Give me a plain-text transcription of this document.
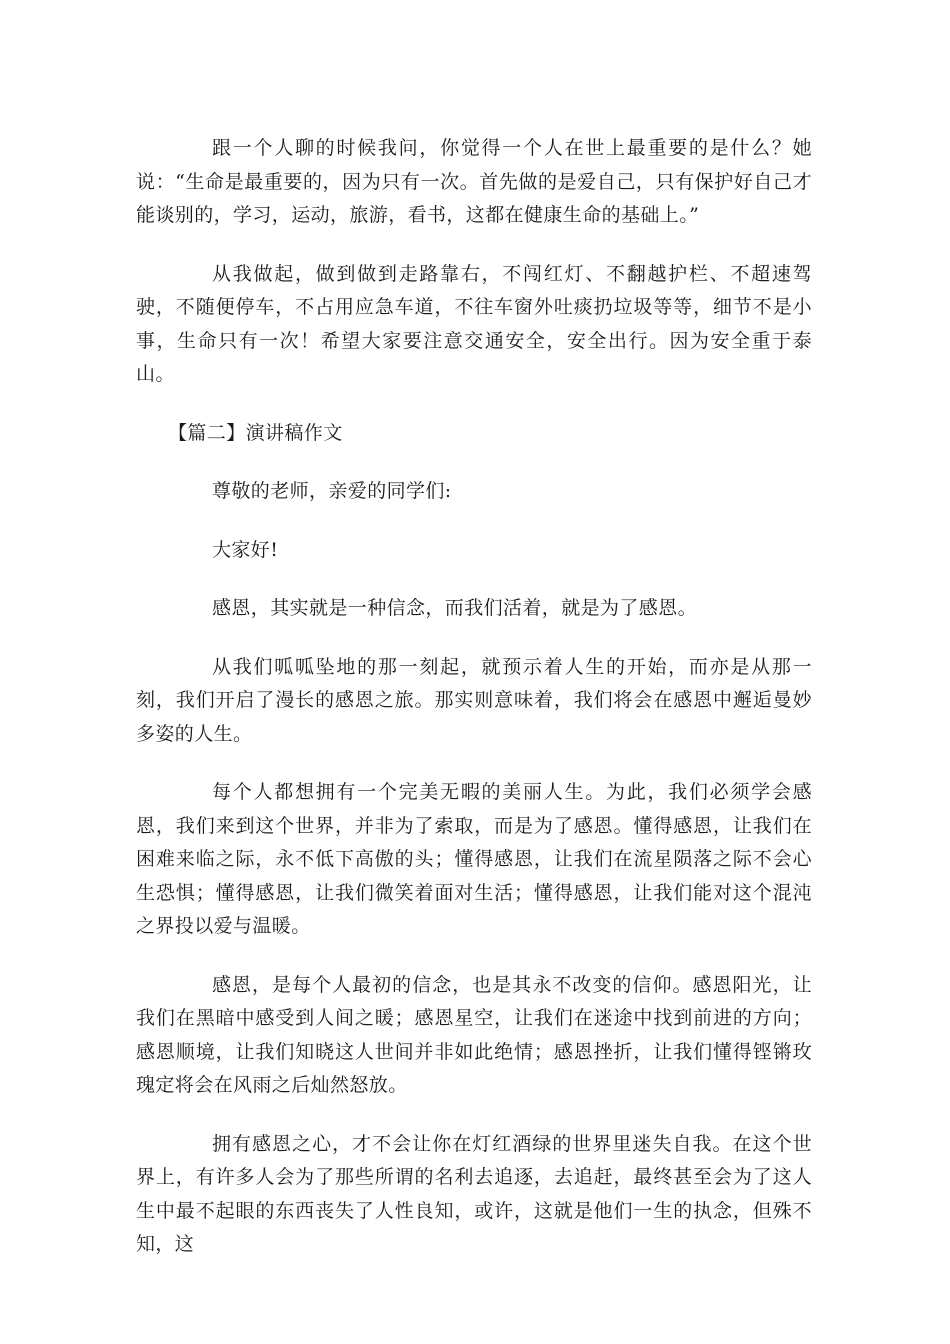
跟一个人聊的时候我问，你觉得一个人在世上最重要的是什么？她说：“生命是最重要的，因为只有一次。首先做的是爱自己，只有保护好自己才能谈别的，学习，运动，旅游，看书，这都在健康生命的基础上。”

从我做起，做到做到走路靠右，不闯红灯、不翻越护栏、不超速驾驶，不随便停车，不占用应急车道，不往车窗外吐痰扔垃圾等等，细节不是小事，生命只有一次！希望大家要注意交通安全，安全出行。因为安全重于泰山。

【篇二】演讲稿作文

尊敬的老师，亲爱的同学们:

大家好!

感恩，其实就是一种信念，而我们活着，就是为了感恩。

从我们呱呱坠地的那一刻起，就预示着人生的开始，而亦是从那一刻，我们开启了漫长的感恩之旅。那实则意味着，我们将会在感恩中邂逅曼妙多姿的人生。

每个人都想拥有一个完美无暇的美丽人生。为此，我们必须学会感恩，我们来到这个世界，并非为了索取，而是为了感恩。懂得感恩，让我们在困难来临之际，永不低下高傲的头；懂得感恩，让我们在流星陨落之际不会心生恐惧；懂得感恩，让我们微笑着面对生活；懂得感恩，让我们能对这个混沌之界投以爱与温暖。

感恩，是每个人最初的信念，也是其永不改变的信仰。感恩阳光，让我们在黑暗中感受到人间之暖；感恩星空，让我们在迷途中找到前进的方向；感恩顺境，让我们知晓这人世间并非如此绝情；感恩挫折，让我们懂得铿锵玫瑰定将会在风雨之后灿然怒放。

拥有感恩之心，才不会让你在灯红酒绿的世界里迷失自我。在这个世界上，有许多人会为了那些所谓的名利去追逐，去追赶，最终甚至会为了这人生中最不起眼的东西丧失了人性良知，或许，这就是他们一生的执念，但殊不知，这
